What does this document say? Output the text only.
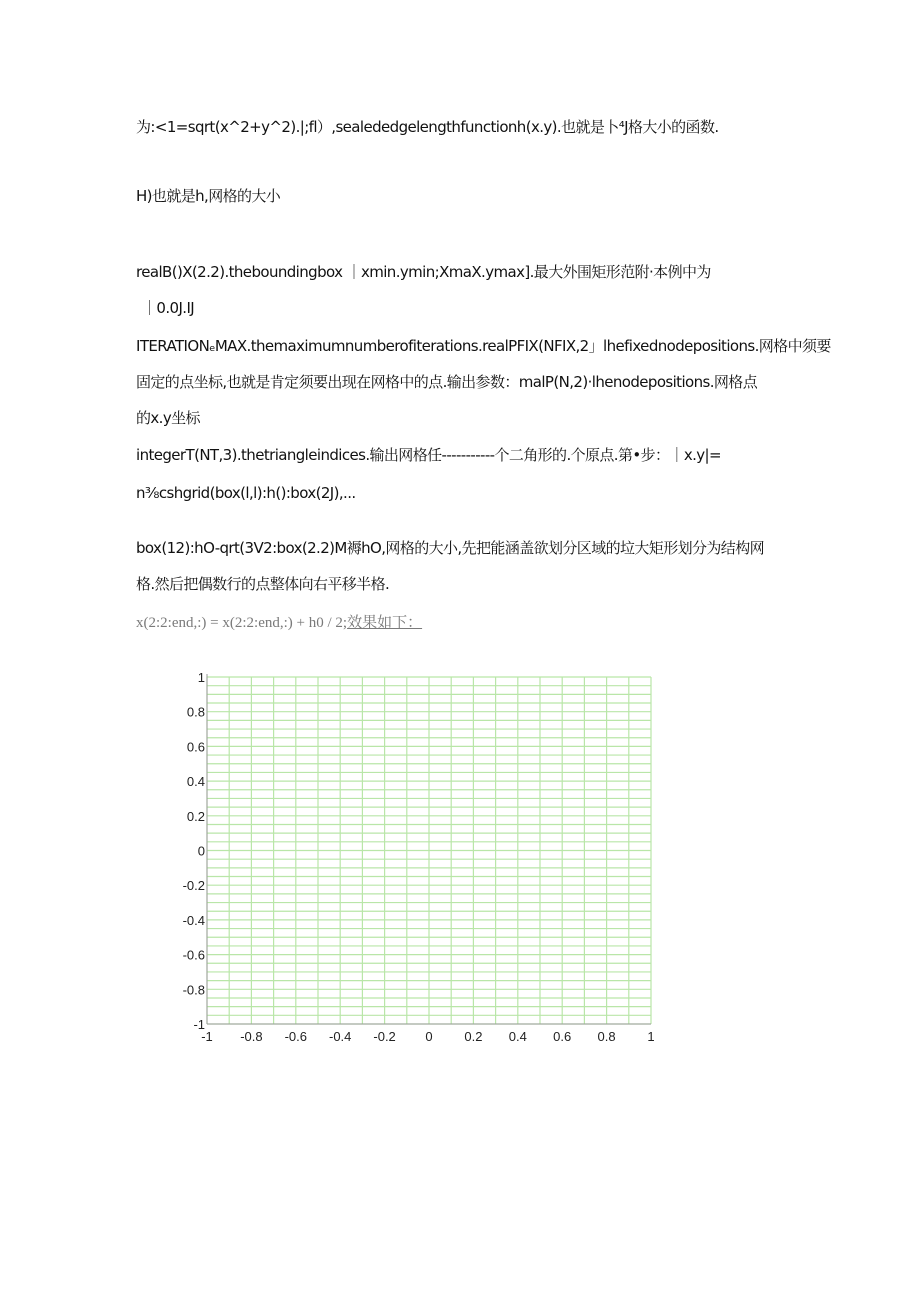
为:<1=sqrt(x^2+y^2).|;fl）,sealededgelengthfunctionh(x.y).也就是卜⁴J格大小的函数.
H)也就是h,网格的大小
realB()X(2.2).theboundingbox ｜xmin.ymin;XmaX.ymax].最大外围矩形范附·本例中为
｜0.0J.IJ
ITERATIONₑMAX.themaximumnumberofiterations.realPFIX(NFIX,2」lhefixednodepositions.网格中须要
固定的点坐标,也就是肯定须要出现在网格中的点.输出参数：malP(N,2)·lhenodepositions.网格点
的x.y坐标
integerT(NT,3).thetriangleindices.输出网格任-----------个二角形的.个原点.第•步：｜x.y|=
n⅜cshgrid(box(l,l):h():box(2J),...
box(12):hO-qrt(3V2:box(2.2)M褥hO,网格的大小,先把能涵盖欲划分区域的垃大矩形划分为结构网
格.然后把偶数行的点整体向右平移半格.
x(2:2:end,:) = x(2:2:end,:) + h0 / 2;效果如下：
-1 -0.8 -0.6 -0.4 -0.2 0 0.2 0.4 0.6 0.8 1
1
0.8
0.6
0.4
0.2
0
-0.2
-0.4
-0.6
-0.8
-1
